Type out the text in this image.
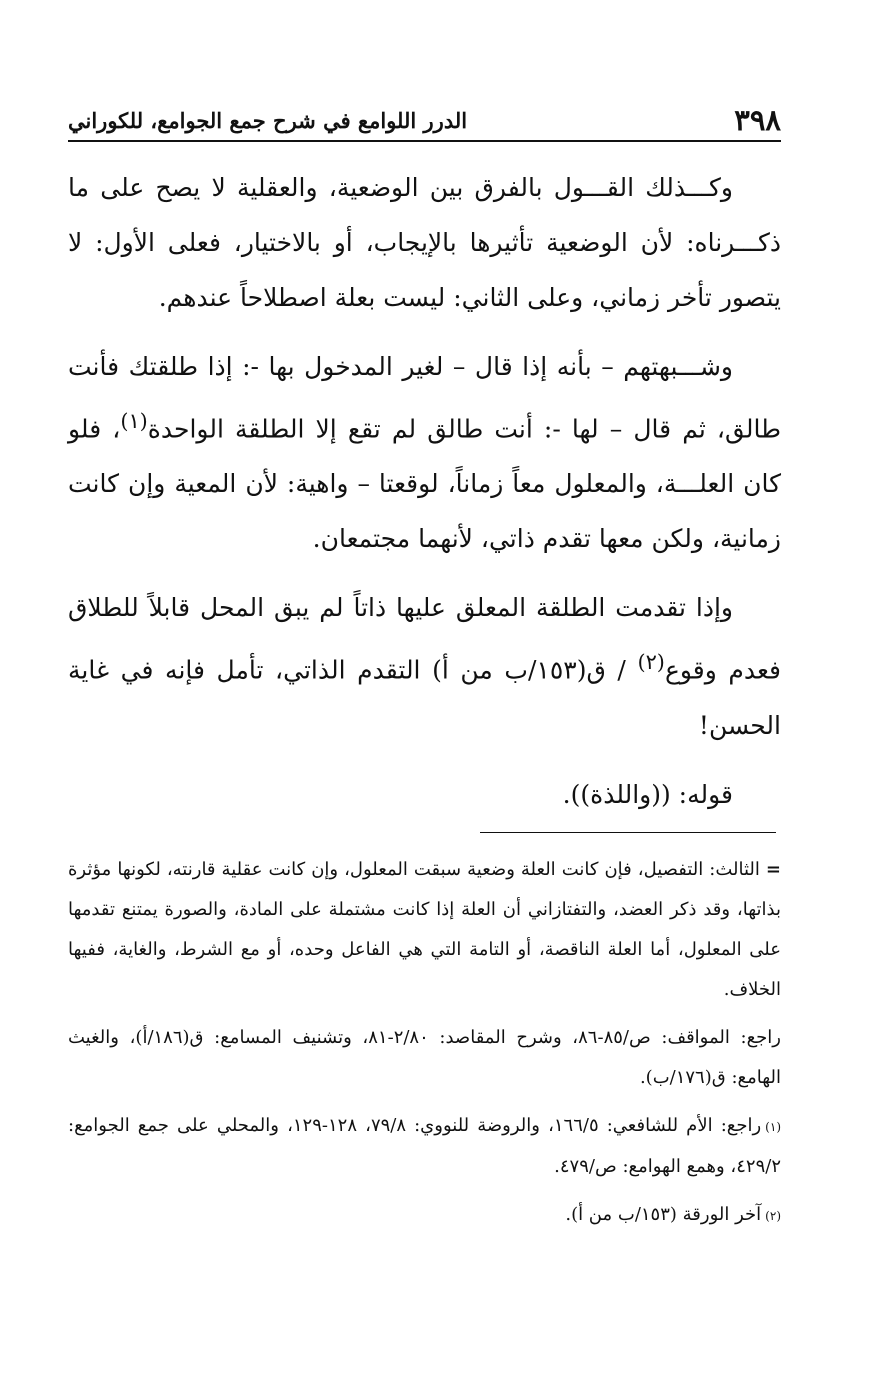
٣٩٨
الدرر اللوامع في شرح جمع الجوامع، للكوراني

وكـــذلك القـــول بالفرق بين الوضعية، والعقلية لا يصح على ما ذكـــرناه: لأن الوضعية تأثيرها بالإيجاب، أو بالاختيار، فعلى الأول: لا يتصور تأخر زماني، وعلى الثاني: ليست بعلة اصطلاحاً عندهم.

وشـــبهتهم – بأنه إذا قال – لغير المدخول بها -: إذا طلقتك فأنت طالق، ثم قال – لها -: أنت طالق لم تقع إلا الطلقة الواحدة$^{(١)}$، فلو كان العلـــة، والمعلول معاً زماناً، لوقعتا – واهية: لأن المعية وإن كانت زمانية، ولكن معها تقدم ذاتي، لأنهما مجتمعان.

وإذا تقدمت الطلقة المعلق عليها ذاتاً لم يبق المحل قابلاً للطلاق فعدم وقوع$^{(٢)}$ / ق(١٥٣/ب من أ) التقدم الذاتي، تأمل فإنه في غاية الحسن!

قوله: ((واللذة)).

=الثالث: التفصيل، فإن كانت العلة وضعية سبقت المعلول، وإن كانت عقلية قارنته، لكونها مؤثرة بذاتها، وقد ذكر العضد، والتفتازاني أن العلة إذا كانت مشتملة على المادة، والصورة يمتنع تقدمها على المعلول، أما العلة الناقصة، أو التامة التي هي الفاعل وحده، أو مع الشرط، والغاية، ففيها الخلاف.

راجع: المواقف: ص/٨٥-٨٦، وشرح المقاصد: ٢/٨٠-٨١، وتشنيف المسامع: ق(١٨٦/أ)، والغيث الهامع: ق(١٧٦/ب).

(١)راجع: الأم للشافعي: ١٦٦/٥، والروضة للنووي: ٧٩/٨، ١٢٨-١٢٩، والمحلي على جمع الجوامع: ٤٢٩/٢، وهمع الهوامع: ص/٤٧٩.

(٢)آخر الورقة (١٥٣/ب من أ).
